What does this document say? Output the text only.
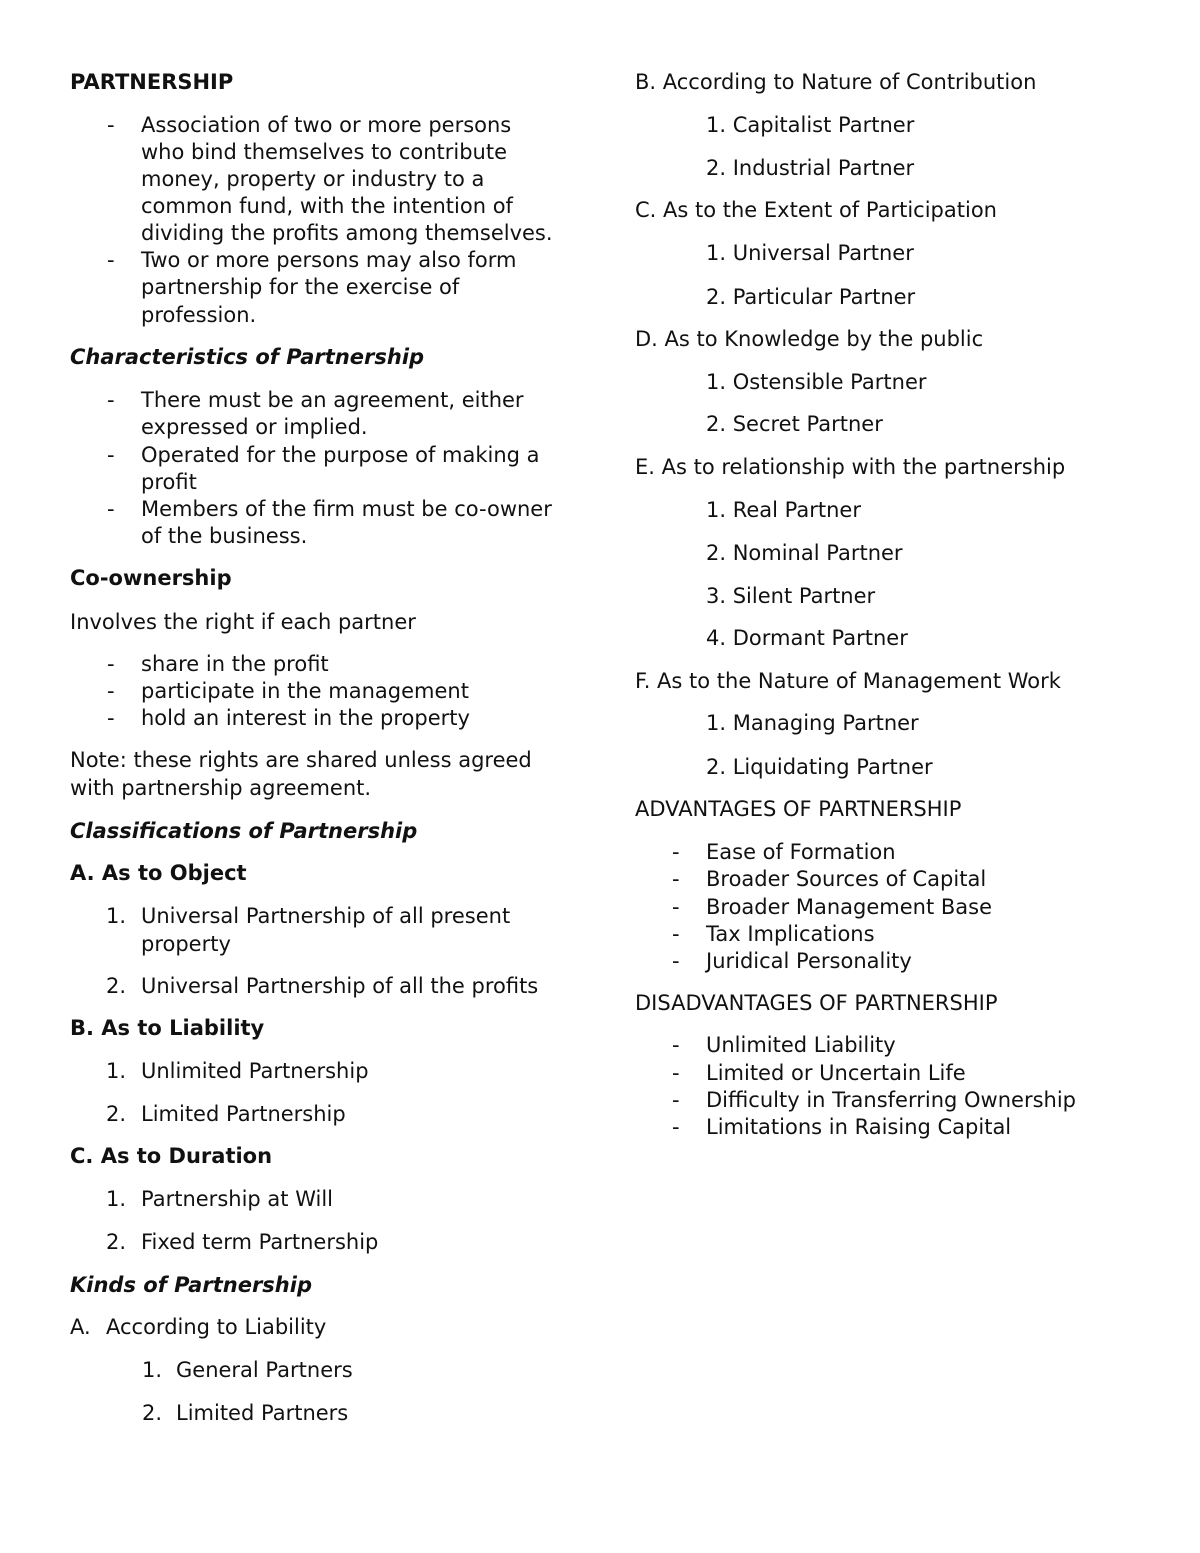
PARTNERSHIP
- Association of two or more persons
who bind themselves to contribute
money, property or industry to a
common fund, with the intention of
dividing the profits among themselves.
- Two or more persons may also form
partnership for the exercise of
profession.
Characteristics of Partnership
- There must be an agreement, either
expressed or implied.
- Operated for the purpose of making a
profit
- Members of the firm must be co-owner
of the business.
Co-ownership
Involves the right if each partner
- share in the profit
- participate in the management
- hold an interest in the property
Note: these rights are shared unless agreed
with partnership agreement.
Classifications of Partnership
A. As to Object
1. Universal Partnership of all present
property
2. Universal Partnership of all the profits
B. As to Liability
1. Unlimited Partnership
2. Limited Partnership
C. As to Duration
1. Partnership at Will
2. Fixed term Partnership
Kinds of Partnership
A. According to Liability
1. General Partners
2. Limited Partners
B. According to Nature of Contribution
1. Capitalist Partner
2. Industrial Partner
C. As to the Extent of Participation
1. Universal Partner
2. Particular Partner
D. As to Knowledge by the public
1. Ostensible Partner
2. Secret Partner
E. As to relationship with the partnership
1. Real Partner
2. Nominal Partner
3. Silent Partner
4. Dormant Partner
F. As to the Nature of Management Work
1. Managing Partner
2. Liquidating Partner
ADVANTAGES OF PARTNERSHIP
- Ease of Formation
- Broader Sources of Capital
- Broader Management Base
- Tax Implications
- Juridical Personality
DISADVANTAGES OF PARTNERSHIP
- Unlimited Liability
- Limited or Uncertain Life
- Difficulty in Transferring Ownership
- Limitations in Raising Capital
